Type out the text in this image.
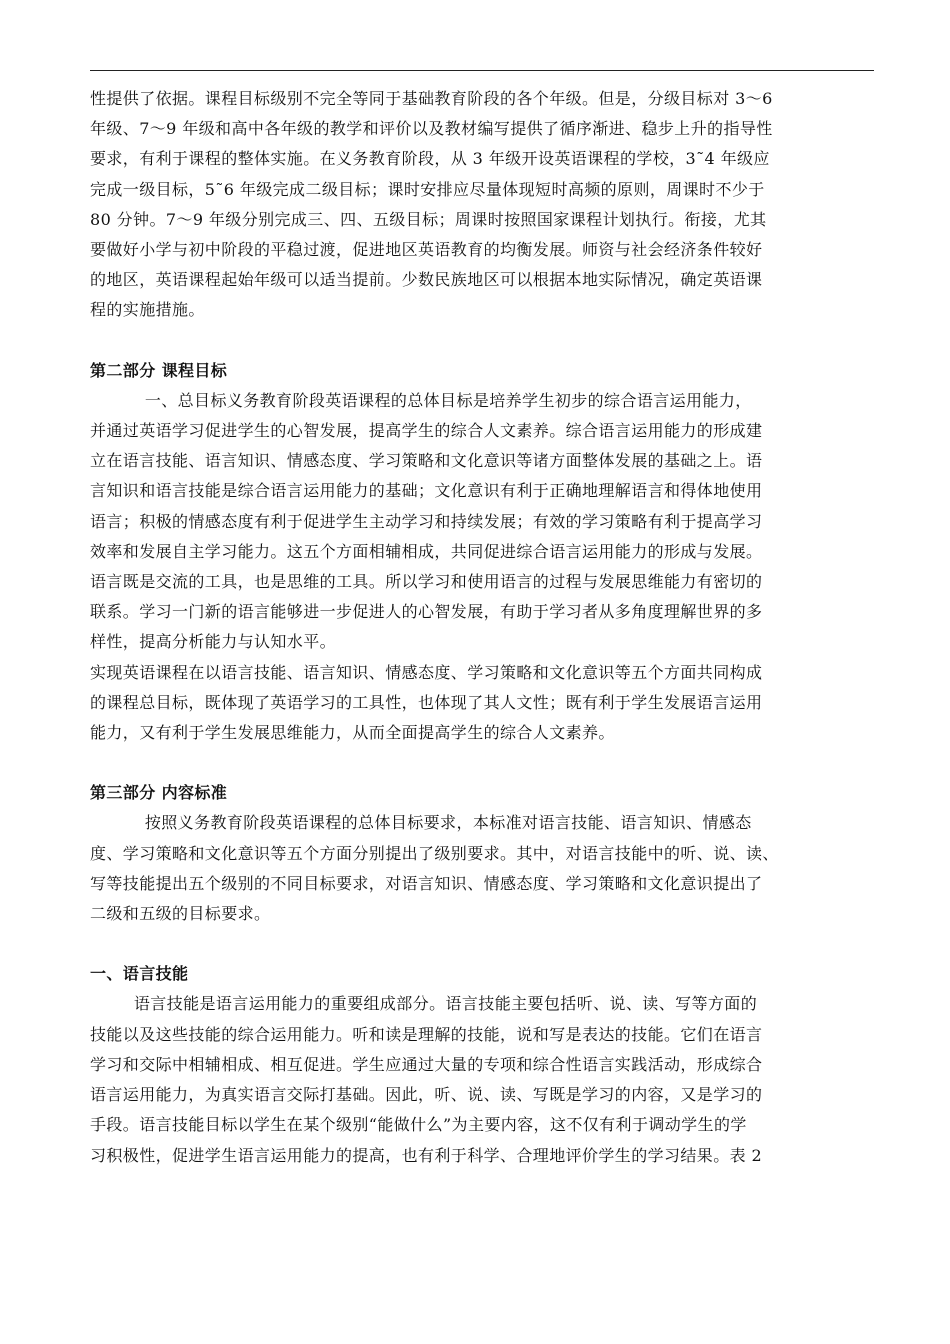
性提供了依据。课程目标级别不完全等同于基础教育阶段的各个年级。但是，分级目标对 3～6
年级、7～9 年级和高中各年级的教学和评价以及教材编写提供了循序渐进、稳步上升的指导性
要求，有利于课程的整体实施。在义务教育阶段，从 3 年级开设英语课程的学校，3˜4 年级应
完成一级目标，5˜6 年级完成二级目标；课时安排应尽量体现短时高频的原则，周课时不少于
80 分钟。7～9 年级分别完成三、四、五级目标；周课时按照国家课程计划执行。衔接，尤其
要做好小学与初中阶段的平稳过渡，促进地区英语教育的均衡发展。师资与社会经济条件较好
的地区，英语课程起始年级可以适当提前。少数民族地区可以根据本地实际情况，确定英语课
程的实施措施。
第二部分 课程目标
一、总目标义务教育阶段英语课程的总体目标是培养学生初步的综合语言运用能力，
并通过英语学习促进学生的心智发展，提高学生的综合人文素养。综合语言运用能力的形成建
立在语言技能、语言知识、情感态度、学习策略和文化意识等诸方面整体发展的基础之上。语
言知识和语言技能是综合语言运用能力的基础；文化意识有利于正确地理解语言和得体地使用
语言；积极的情感态度有利于促进学生主动学习和持续发展；有效的学习策略有利于提高学习
效率和发展自主学习能力。这五个方面相辅相成，共同促进综合语言运用能力的形成与发展。
语言既是交流的工具，也是思维的工具。所以学习和使用语言的过程与发展思维能力有密切的
联系。学习一门新的语言能够进一步促进人的心智发展，有助于学习者从多角度理解世界的多
样性，提高分析能力与认知水平。
实现英语课程在以语言技能、语言知识、情感态度、学习策略和文化意识等五个方面共同构成
的课程总目标，既体现了英语学习的工具性，也体现了其人文性；既有利于学生发展语言运用
能力，又有利于学生发展思维能力，从而全面提高学生的综合人文素养。
第三部分 内容标准
按照义务教育阶段英语课程的总体目标要求，本标准对语言技能、语言知识、情感态
度、学习策略和文化意识等五个方面分别提出了级别要求。其中，对语言技能中的听、说、读、
写等技能提出五个级别的不同目标要求，对语言知识、情感态度、学习策略和文化意识提出了
二级和五级的目标要求。
一、语言技能
语言技能是语言运用能力的重要组成部分。语言技能主要包括听、说、读、写等方面的
技能以及这些技能的综合运用能力。听和读是理解的技能，说和写是表达的技能。它们在语言
学习和交际中相辅相成、相互促进。学生应通过大量的专项和综合性语言实践活动，形成综合
语言运用能力，为真实语言交际打基础。因此，听、说、读、写既是学习的内容，又是学习的
手段。语言技能目标以学生在某个级别“能做什么”为主要内容，这不仅有利于调动学生的学
习积极性，促进学生语言运用能力的提高，也有利于科学、合理地评价学生的学习结果。表 2
